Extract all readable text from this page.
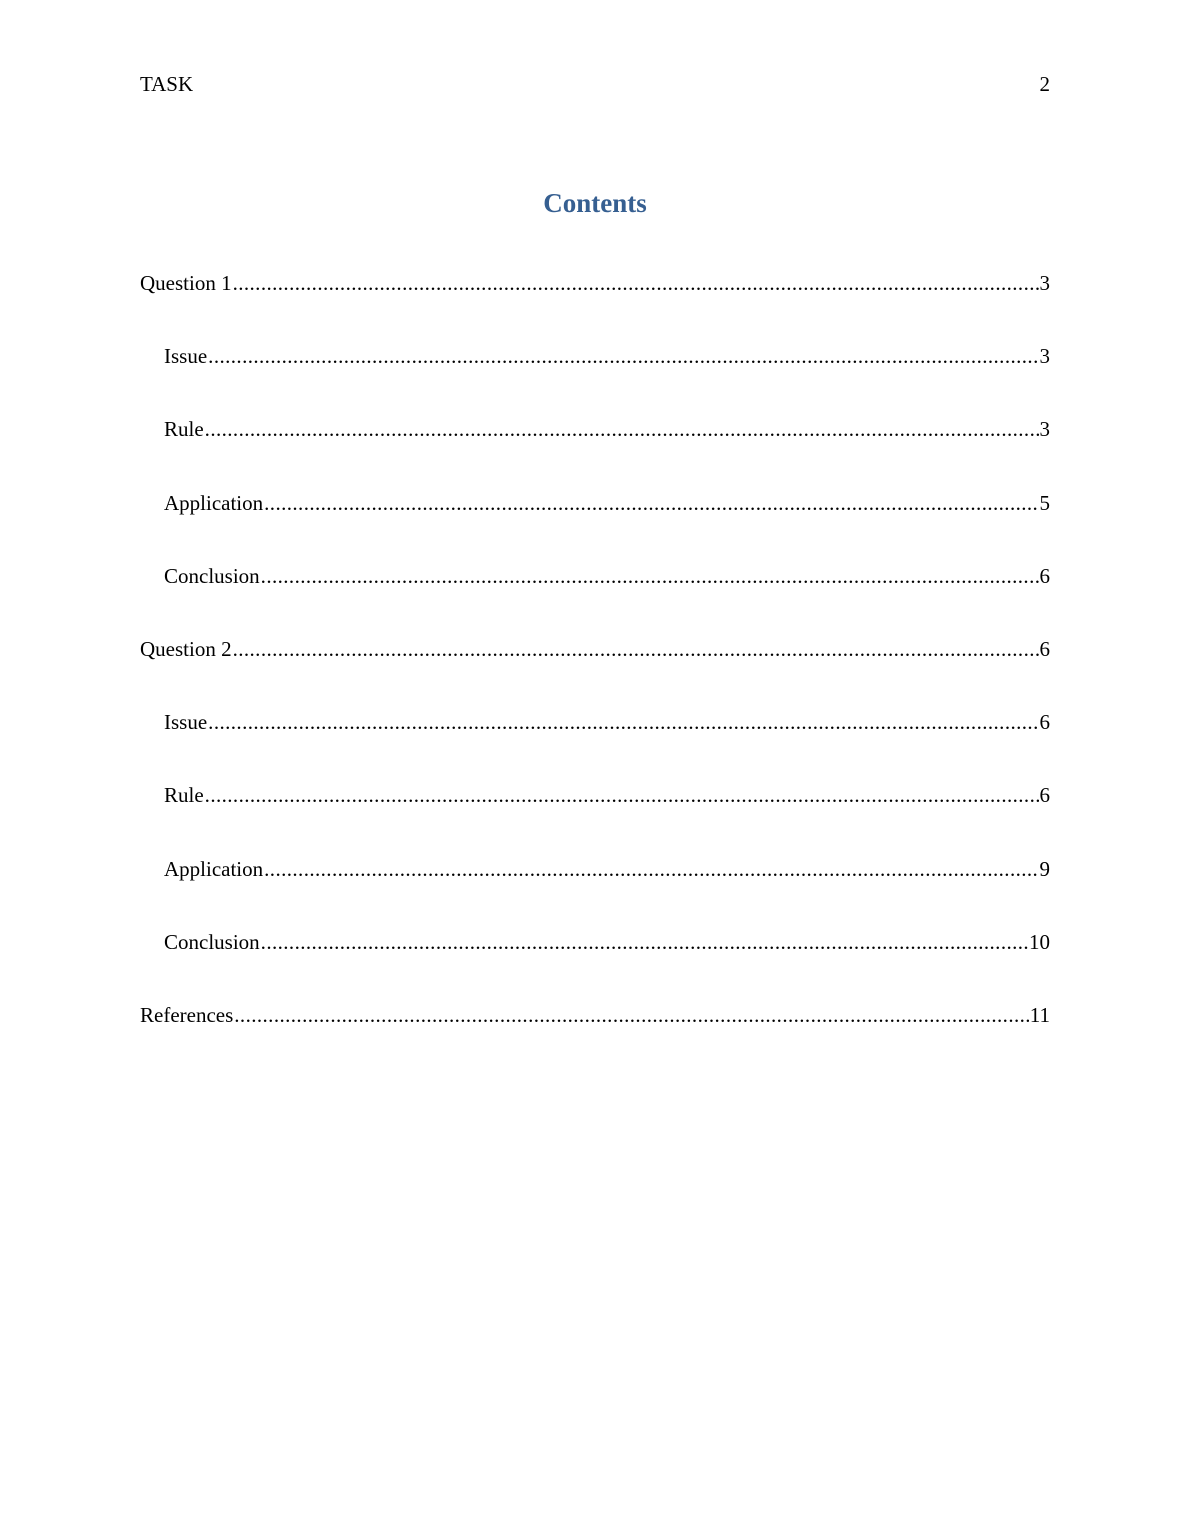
TASK	2
Contents
Question 1 .....	3
Issue .....	3
Rule .....	3
Application .....	5
Conclusion .....	6
Question 2 .....	6
Issue .....	6
Rule .....	6
Application .....	9
Conclusion .....	10
References .....	11
